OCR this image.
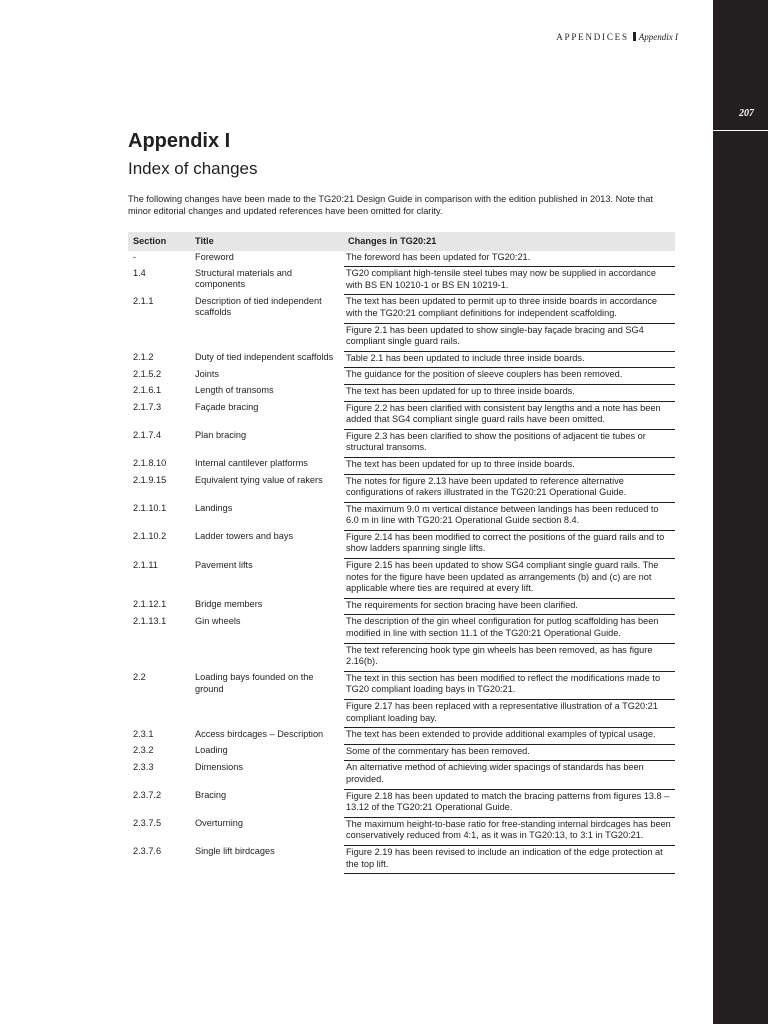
207
APPENDICES Appendix I
Appendix I
Index of changes

The following changes have been made to the TG20:21 Design Guide in comparison with the edition published in 2013. Note that minor editorial changes and updated references have been omitted for clarity.

Section	Title	Changes in TG20:21
-	Foreword	The foreword has been updated for TG20:21.
1.4	Structural materials and components	TG20 compliant high-tensile steel tubes may now be supplied in accordance with BS EN 10210-1 or BS EN 10219-1.
2.1.1	Description of tied independent scaffolds	The text has been updated to permit up to three inside boards in accordance with the TG20:21 compliant definitions for independent scaffolding.
		Figure 2.1 has been updated to show single-bay façade bracing and SG4 compliant single guard rails.
2.1.2	Duty of tied independent scaffolds	Table 2.1 has been updated to include three inside boards.
2.1.5.2	Joints	The guidance for the position of sleeve couplers has been removed.
2.1.6.1	Length of transoms	The text has been updated for up to three inside boards.
2.1.7.3	Façade bracing	Figure 2.2 has been clarified with consistent bay lengths and a note has been added that SG4 compliant single guard rails have been omitted.
2.1.7.4	Plan bracing	Figure 2.3 has been clarified to show the positions of adjacent tie tubes or structural transoms.
2.1.8.10	Internal cantilever platforms	The text has been updated for up to three inside boards.
2.1.9.15	Equivalent tying value of rakers	The notes for figure 2.13 have been updated to reference alternative configurations of rakers illustrated in the TG20:21 Operational Guide.
2.1.10.1	Landings	The maximum 9.0 m vertical distance between landings has been reduced to 6.0 m in line with TG20:21 Operational Guide section 8.4.
2.1.10.2	Ladder towers and bays	Figure 2.14 has been modified to correct the positions of the guard rails and to show ladders spanning single lifts.
2.1.11	Pavement lifts	Figure 2.15 has been updated to show SG4 compliant single guard rails. The notes for the figure have been updated as arrangements (b) and (c) are not applicable where ties are required at every lift.
2.1.12.1	Bridge members	The requirements for section bracing have been clarified.
2.1.13.1	Gin wheels	The description of the gin wheel configuration for putlog scaffolding has been modified in line with section 11.1 of the TG20:21 Operational Guide.
		The text referencing hook type gin wheels has been removed, as has figure 2.16(b).
2.2	Loading bays founded on the ground	The text in this section has been modified to reflect the modifications made to TG20 compliant loading bays in TG20:21.
		Figure 2.17 has been replaced with a representative illustration of a TG20:21 compliant loading bay.
2.3.1	Access birdcages – Description	The text has been extended to provide additional examples of typical usage.
2.3.2	Loading	Some of the commentary has been removed.
2.3.3	Dimensions	An alternative method of achieving wider spacings of standards has been provided.
2.3.7.2	Bracing	Figure 2.18 has been updated to match the bracing patterns from figures 13.8 – 13.12 of the TG20:21 Operational Guide.
2.3.7.5	Overturning	The maximum height-to-base ratio for free-standing internal birdcages has been conservatively reduced from 4:1, as it was in TG20:13, to 3:1 in TG20:21.
2.3.7.6	Single lift birdcages	Figure 2.19 has been revised to include an indication of the edge protection at the top lift.
